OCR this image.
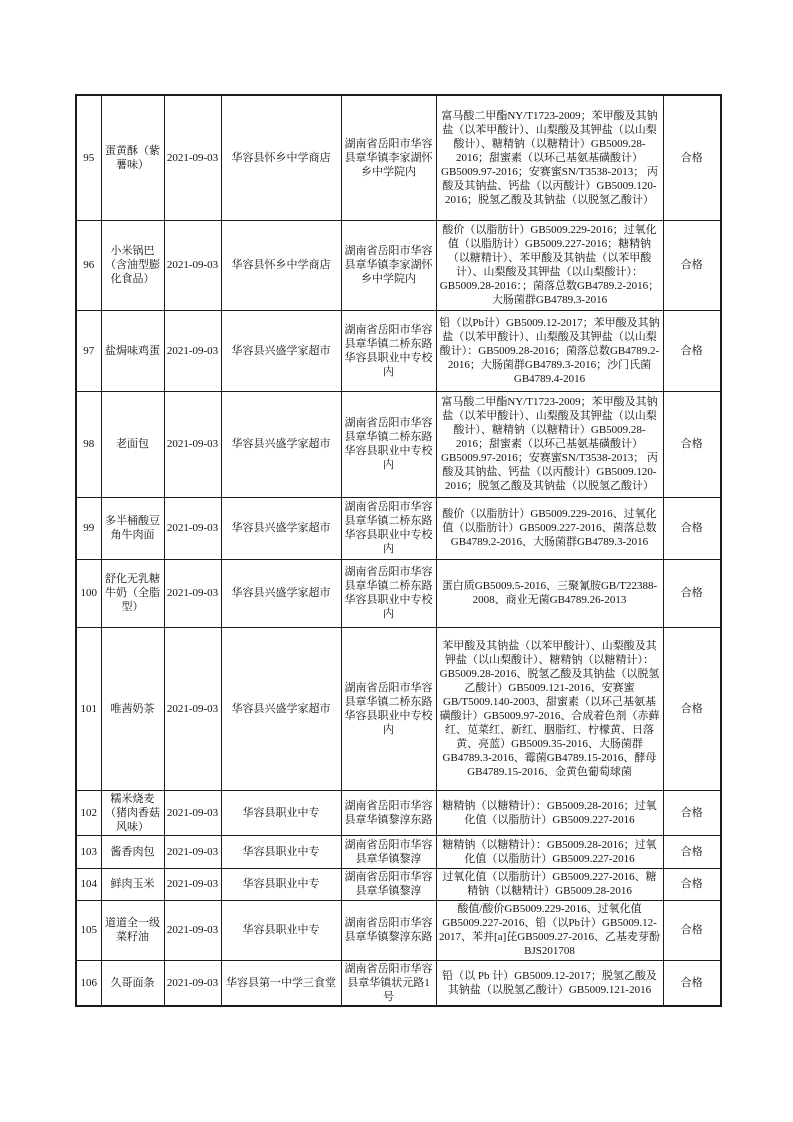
95	蛋黄酥（紫薯味）	2021-09-03	华容县怀乡中学商店	湖南省岳阳市华容县章华镇李家湖怀乡中学院内	富马酸二甲酯NY/T1723-2009；苯甲酸及其钠盐（以苯甲酸计）、山梨酸及其钾盐（以山梨酸计）、糖精钠（以糖精计）GB5009.28-2016；甜蜜素（以环己基氨基磺酸计）GB5009.97-2016；安赛蜜SN/T3538-2013； 丙酸及其钠盐、钙盐（以丙酸计）GB5009.120-2016；脱氢乙酸及其钠盐（以脱氢乙酸计）	合格
96	小米锅巴（含油型膨化食品）	2021-09-03	华容县怀乡中学商店	湖南省岳阳市华容县章华镇李家湖怀乡中学院内	酸价（以脂肪计）GB5009.229-2016；过氧化值（以脂肪计）GB5009.227-2016；糖精钠（以糖精计）、苯甲酸及其钠盐（以苯甲酸计）、山梨酸及其钾盐（以山梨酸计）：GB5009.28-2016：；菌落总数GB4789.2-2016；大肠菌群GB4789.3-2016	合格
97	盐焗味鸡蛋	2021-09-03	华容县兴盛学家超市	湖南省岳阳市华容县章华镇二桥东路华容县职业中专校内	铅（以Pb计）GB5009.12-2017；苯甲酸及其钠盐（以苯甲酸计）、山梨酸及其钾盐（以山梨酸计）：GB5009.28-2016；菌落总数GB4789.2-2016；大肠菌群GB4789.3-2016；沙门氏菌GB4789.4-2016	合格
98	老面包	2021-09-03	华容县兴盛学家超市	湖南省岳阳市华容县章华镇二桥东路华容县职业中专校内	富马酸二甲酯NY/T1723-2009；苯甲酸及其钠盐（以苯甲酸计）、山梨酸及其钾盐（以山梨酸计）、糖精钠（以糖精计）GB5009.28-2016；甜蜜素（以环己基氨基磺酸计）GB5009.97-2016；安赛蜜SN/T3538-2013； 丙酸及其钠盐、钙盐（以丙酸计）GB5009.120-2016；脱氢乙酸及其钠盐（以脱氢乙酸计）	合格
99	多半桶酸豆角牛肉面	2021-09-03	华容县兴盛学家超市	湖南省岳阳市华容县章华镇二桥东路华容县职业中专校内	酸价（以脂肪计）GB5009.229-2016、过氧化值（以脂肪计）GB5009.227-2016、菌落总数GB4789.2-2016、大肠菌群GB4789.3-2016	合格
100	舒化无乳糖牛奶（全脂型）	2021-09-03	华容县兴盛学家超市	湖南省岳阳市华容县章华镇二桥东路华容县职业中专校内	蛋白质GB5009.5-2016、三聚氰胺GB/T22388-2008、商业无菌GB4789.26-2013	合格
101	唯茜奶茶	2021-09-03	华容县兴盛学家超市	湖南省岳阳市华容县章华镇二桥东路华容县职业中专校内	苯甲酸及其钠盐（以苯甲酸计）、山梨酸及其钾盐（以山梨酸计）、糖精钠（以糖精计）：GB5009.28-2016、脱氢乙酸及其钠盐（以脱氢乙酸计）GB5009.121-2016、安赛蜜GB/T5009.140-2003、甜蜜素（以环己基氨基磺酸计）GB5009.97-2016、合成着色剂（赤藓红、苋菜红、新红、胭脂红、柠檬黄、日落黄、亮蓝）GB5009.35-2016、大肠菌群GB4789.3-2016、霉菌GB4789.15-2016、酵母GB4789.15-2016、金黄色葡萄球菌	合格
102	糯米烧麦（猪肉香菇风味）	2021-09-03	华容县职业中专	湖南省岳阳市华容县章华镇黎淳东路	糖精钠（以糖精计）：GB5009.28-2016；过氧化值（以脂肪计）GB5009.227-2016	合格
103	酱香肉包	2021-09-03	华容县职业中专	湖南省岳阳市华容县章华镇黎淳	糖精钠（以糖精计）：GB5009.28-2016；过氧化值（以脂肪计）GB5009.227-2016	合格
104	鲜肉玉米	2021-09-03	华容县职业中专	湖南省岳阳市华容县章华镇黎淳	过氧化值（以脂肪计）GB5009.227-2016、糖精钠（以糖精计）GB5009.28-2016	合格
105	道道全一级菜籽油	2021-09-03	华容县职业中专	湖南省岳阳市华容县章华镇黎淳东路	酸值/酸价GB5009.229-2016、过氧化值GB5009.227-2016、铅（以Pb计）GB5009.12-2017、苯并[a]芘GB5009.27-2016、乙基麦芽酚BJS201708	合格
106	久哥面条	2021-09-03	华容县第一中学三食堂	湖南省岳阳市华容县章华镇状元路1号	铅（以 Pb 计）GB5009.12-2017；脱氢乙酸及其钠盐（以脱氢乙酸计）GB5009.121-2016	合格
